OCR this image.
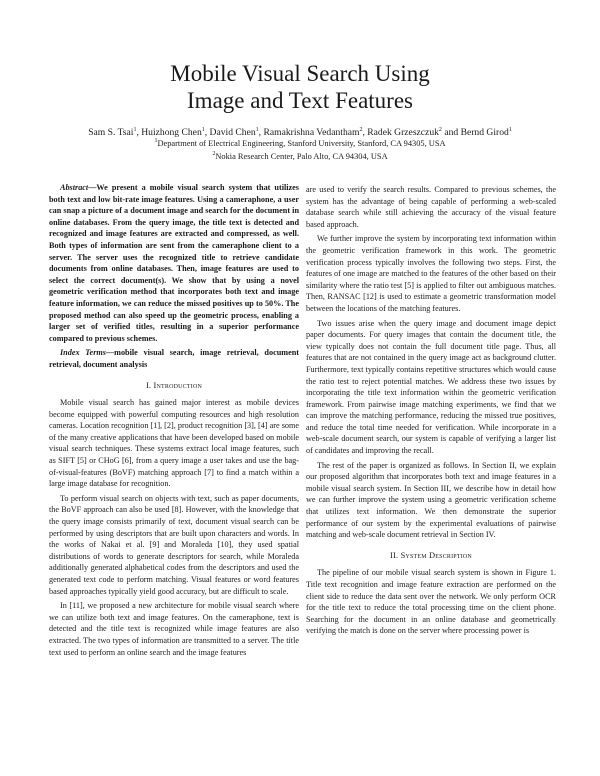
Mobile Visual Search Using
Image and Text Features
Sam S. Tsai$^1$, Huizhong Chen$^1$, David Chen$^1$, Ramakrishna Vedantham$^2$, Radek Grzeszczuk$^2$ and Bernd Girod$^1$
$^1$Department of Electrical Engineering, Stanford University, Stanford, CA 94305, USA
$^2$Nokia Research Center, Palo Alto, CA 94304, USA

Abstract—We present a mobile visual search system that utilizes both text and low bit-rate image features. Using a cameraphone, a user can snap a picture of a document image and search for the document in online databases. From the query image, the title text is detected and recognized and image features are extracted and compressed, as well. Both types of information are sent from the cameraphone client to a server. The server uses the recognized title to retrieve candidate documents from online databases. Then, image features are used to select the correct document(s). We show that by using a novel geometric verification method that incorporates both text and image feature information, we can reduce the missed positives up to 50%. The proposed method can also speed up the geometric process, enabling a larger set of verified titles, resulting in a superior performance compared to previous schemes.

Index Terms—mobile visual search, image retrieval, document retrieval, document analysis

I. Introduction

Mobile visual search has gained major interest as mobile devices become equipped with powerful computing resources and high resolution cameras. Location recognition [1], [2], product recognition [3], [4] are some of the many creative applications that have been developed based on mobile visual search techniques. These systems extract local image features, such as SIFT [5] or CHoG [6], from a query image a user takes and use the bag-of-visual-features (BoVF) matching approach [7] to find a match within a large image database for recognition.

To perform visual search on objects with text, such as paper documents, the BoVF approach can also be used [8]. However, with the knowledge that the query image consists primarily of text, document visual search can be performed by using descriptors that are built upon characters and words. In the works of Nakai et al. [9] and Moraleda [10], they used spatial distributions of words to generate descriptors for search, while Moraleda additionally generated alphabetical codes from the descriptors and used the generated text code to perform matching. Visual features or word features based approaches typically yield good accuracy, but are difficult to scale.

In [11], we proposed a new architecture for mobile visual search where we can utilize both text and image features. On the cameraphone, text is detected and the title text is recognized while image features are also extracted. The two types of information are transmitted to a server. The title text used to perform an online search and the image features

are used to verify the search results. Compared to previous schemes, the system has the advantage of being capable of performing a web-scaled database search while still achieving the accuracy of the visual feature based approach.

We further improve the system by incorporating text information within the geometric verification framework in this work. The geometric verification process typically involves the following two steps. First, the features of one image are matched to the features of the other based on their similarity where the ratio test [5] is applied to filter out ambiguous matches. Then, RANSAC [12] is used to estimate a geometric transformation model between the locations of the matching features.

Two issues arise when the query image and document image depict paper documents. For query images that contain the document title, the view typically does not contain the full document title page. Thus, all features that are not contained in the query image act as background clutter. Furthermore, text typically contains repetitive structures which would cause the ratio test to reject potential matches. We address these two issues by incorporating the title text information within the geometric verification framework. From pairwise image matching experiments, we find that we can improve the matching performance, reducing the missed true positives, and reduce the total time needed for verification. While incorporate in a web-scale document search, our system is capable of verifying a larger list of candidates and improving the recall.

The rest of the paper is organized as follows. In Section II, we explain our proposed algorithm that incorporates both text and image features in a mobile visual search system. In Section III, we describe how in detail how we can further improve the system using a geometric verification scheme that utilizes text information. We then demonstrate the superior performance of our system by the experimental evaluations of pairwise matching and web-scale document retrieval in Section IV.

II. System Description

The pipeline of our mobile visual search system is shown in Figure 1. Title text recognition and image feature extraction are performed on the client side to reduce the data sent over the network. We only perform OCR for the title text to reduce the total processing time on the client phone. Searching for the document in an online database and geometrically verifying the match is done on the server where processing power is
